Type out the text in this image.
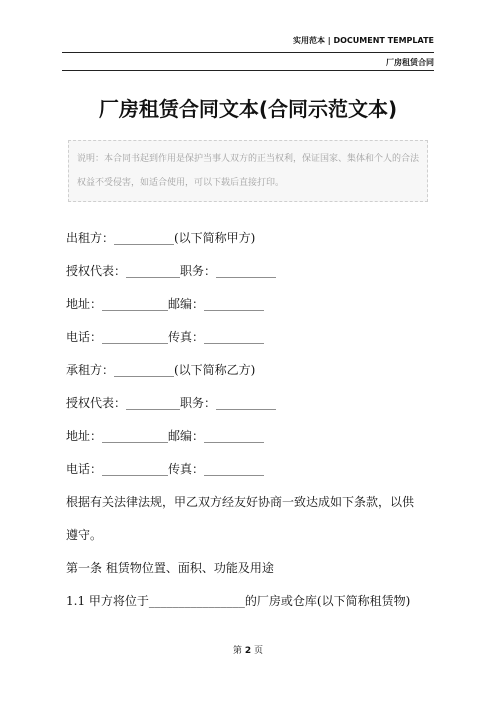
实用范本 | DOCUMENT TEMPLATE
厂房租赁合同
厂房租赁合同文本(合同示范文本)
说明：本合同书起到作用是保护当事人双方的正当权利，保证国家、集体和个人的合法权益不受侵害，如适合使用，可以下载后直接打印。
出租方：__________(以下简称甲方)
授权代表：_________职务：__________
地址：___________邮编：__________
电话：___________传真：__________
承租方：__________(以下简称乙方)
授权代表：_________职务：__________
地址：___________邮编：__________
电话：___________传真：__________
根据有关法律法规，甲乙双方经友好协商一致达成如下条款，以供
遵守。
第一条 租赁物位置、面积、功能及用途
1.1 甲方将位于________________的厂房或仓库(以下简称租赁物)
第 2 页
